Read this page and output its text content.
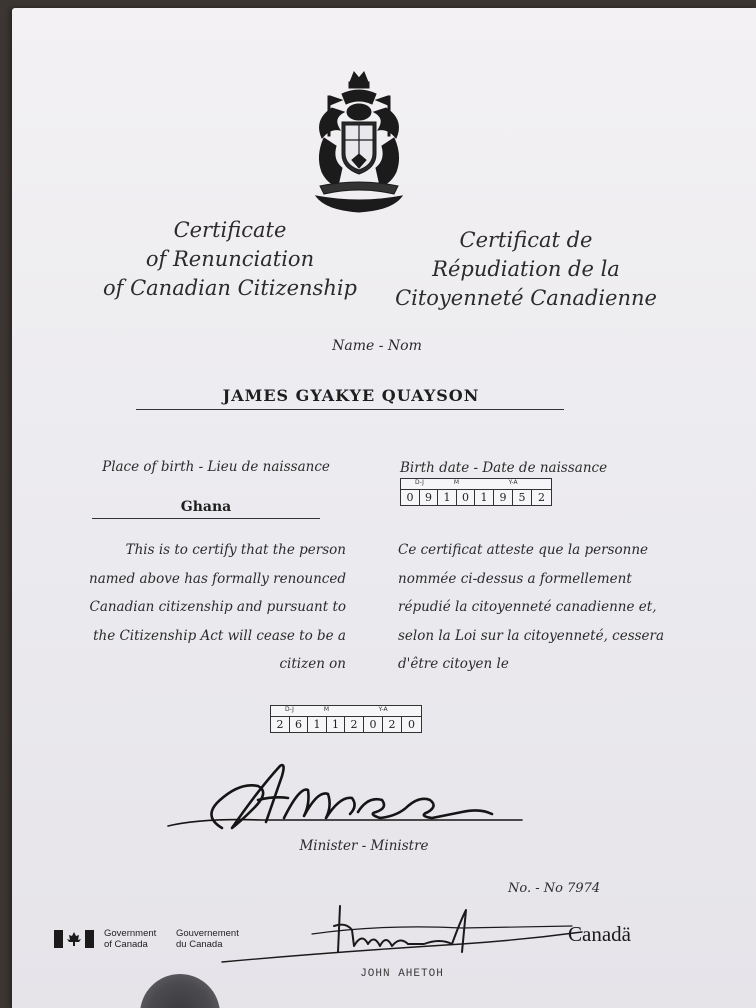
Certificate
of Renunciation
of Canadian Citizenship
Certificat de
Répudiation de la
Citoyenneté Canadienne
Name - Nom
JAMES GYAKYE QUAYSON
Place of birth - Lieu de naissance
Ghana
Birth date - Date de naissance
D-J	M	Y-A
0	9	1	0	1	9	5	2
This is to certify that the person
named above has formally renounced
Canadian citizenship and pursuant to
the Citizenship Act will cease to be a
citizen on
Ce certificat atteste que la personne
nommée ci-dessus a formellement
répudié la citoyenneté canadienne et,
selon la Loi sur la citoyenneté, cessera
d'être citoyen le
D-J	M	Y-A
2	6	1	1	2	0	2	0
Minister - Ministre
No. - No 7974
Government
of Canada
Gouvernement
du Canada	Canadä
JOHN AHETOH
